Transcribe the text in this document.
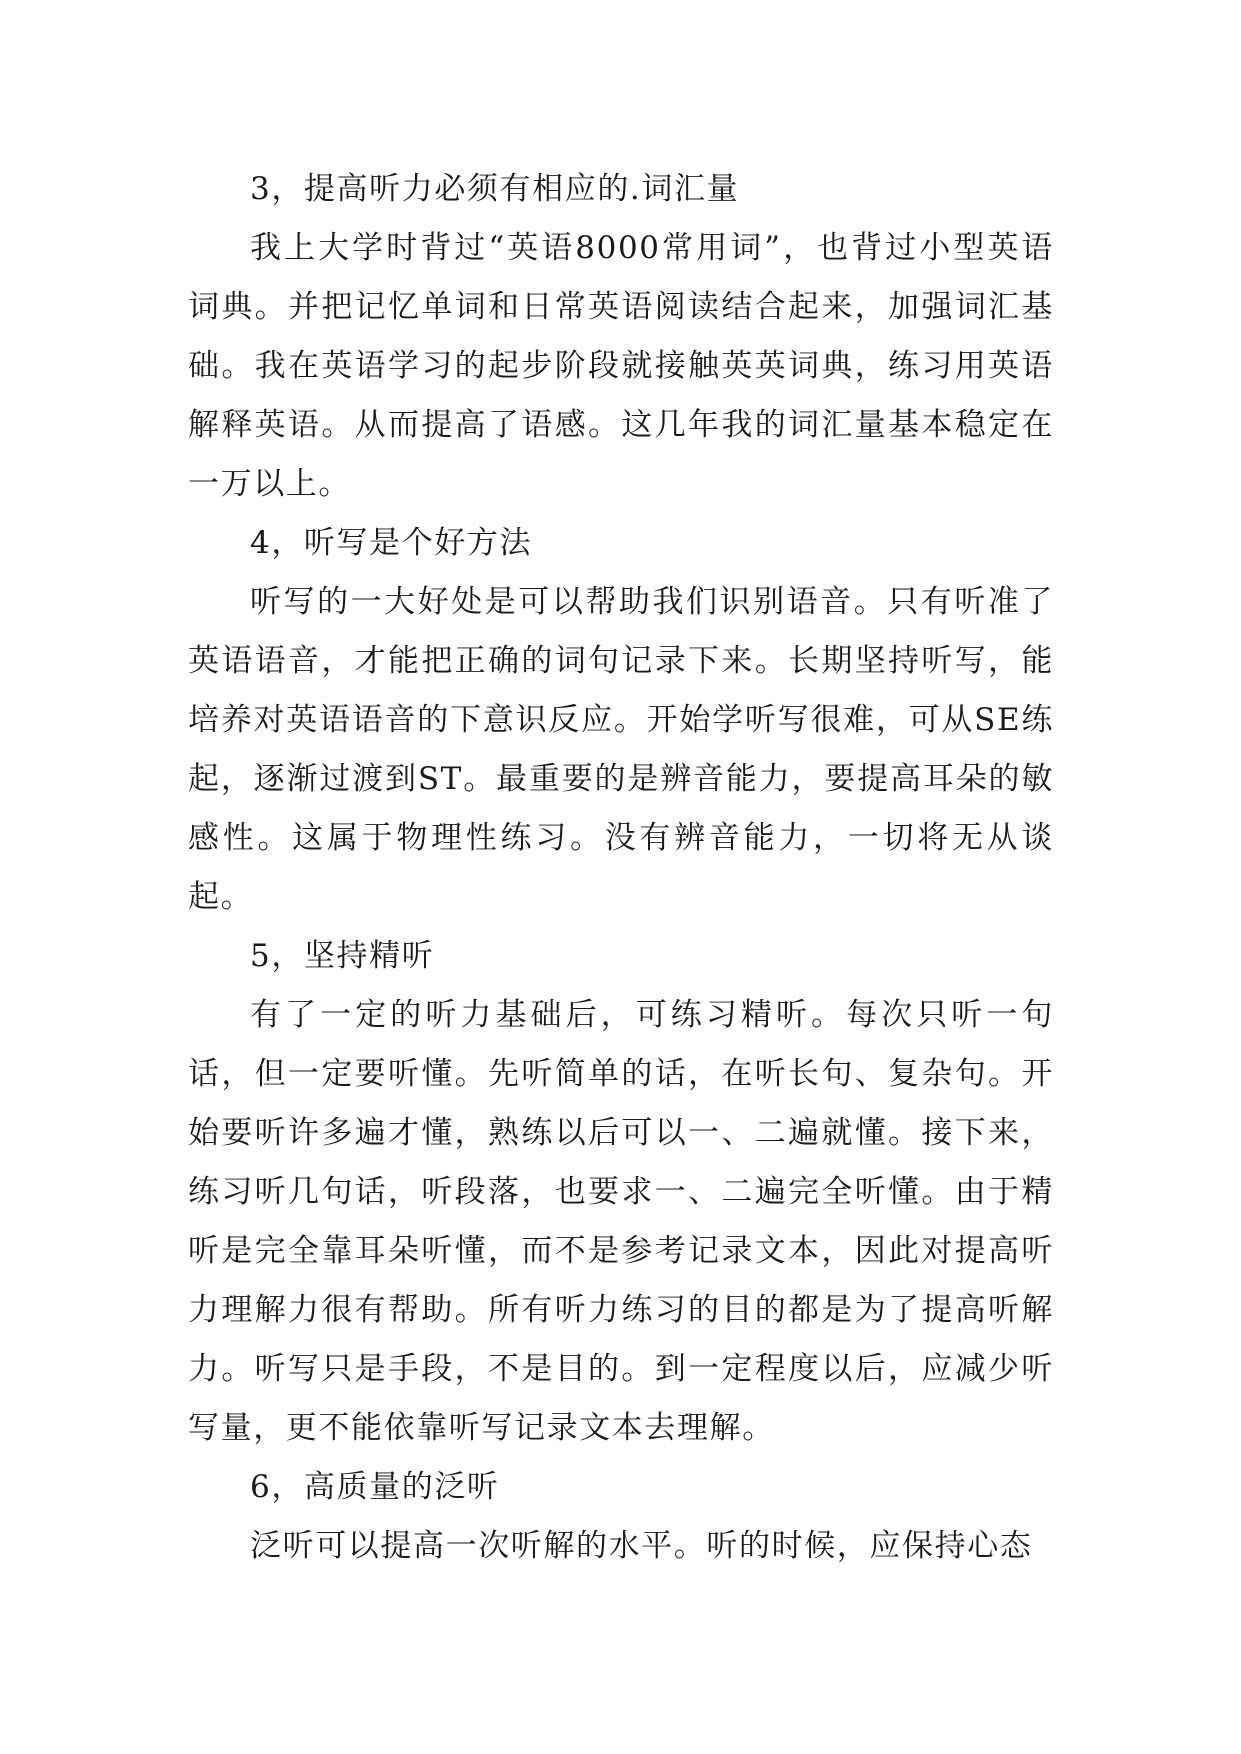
3，提高听力必须有相应的.词汇量

我上大学时背过“英语8000常用词”，也背过小型英语词典。并把记忆单词和日常英语阅读结合起来，加强词汇基础。我在英语学习的起步阶段就接触英英词典，练习用英语解释英语。从而提高了语感。这几年我的词汇量基本稳定在一万以上。

4，听写是个好方法

听写的一大好处是可以帮助我们识别语音。只有听准了英语语音，才能把正确的词句记录下来。长期坚持听写，能培养对英语语音的下意识反应。开始学听写很难，可从SE练起，逐渐过渡到ST。最重要的是辨音能力，要提高耳朵的敏感性。这属于物理性练习。没有辨音能力，一切将无从谈起。

5，坚持精听

有了一定的听力基础后，可练习精听。每次只听一句话，但一定要听懂。先听简单的话，在听长句、复杂句。开始要听许多遍才懂，熟练以后可以一、二遍就懂。接下来，练习听几句话，听段落，也要求一、二遍完全听懂。由于精听是完全靠耳朵听懂，而不是参考记录文本，因此对提高听力理解力很有帮助。所有听力练习的目的都是为了提高听解力。听写只是手段，不是目的。到一定程度以后，应减少听写量，更不能依靠听写记录文本去理解。

6，高质量的泛听

泛听可以提高一次听解的水平。听的时候，应保持心态
